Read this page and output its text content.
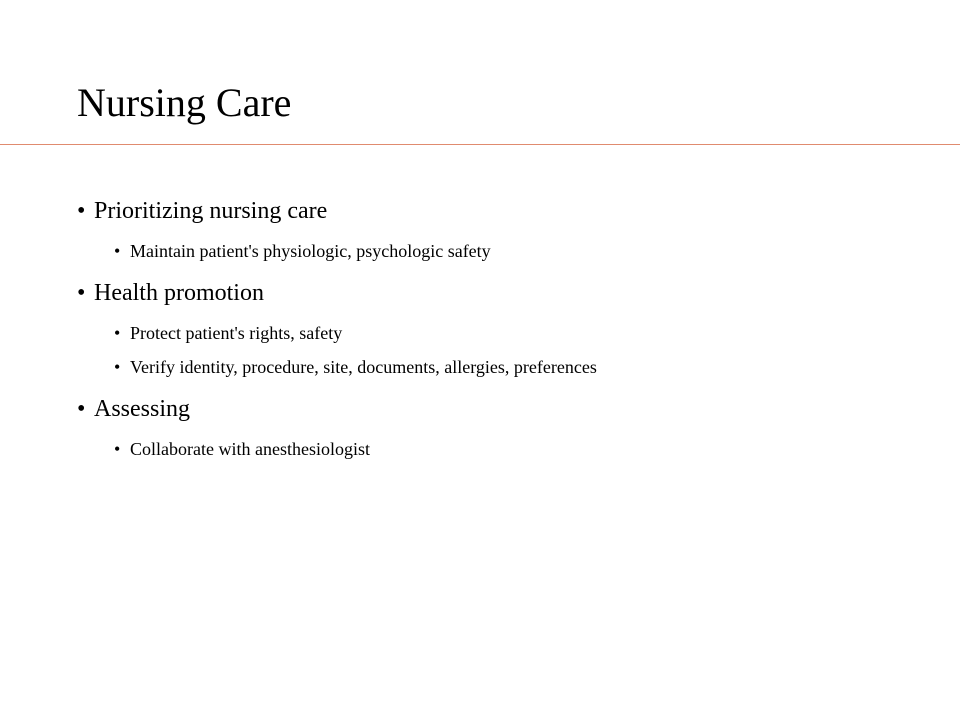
Nursing Care
• Prioritizing nursing care
• Maintain patient's physiologic, psychologic safety
• Health promotion
• Protect patient's rights, safety
• Verify identity, procedure, site, documents, allergies, preferences
• Assessing
• Collaborate with anesthesiologist
